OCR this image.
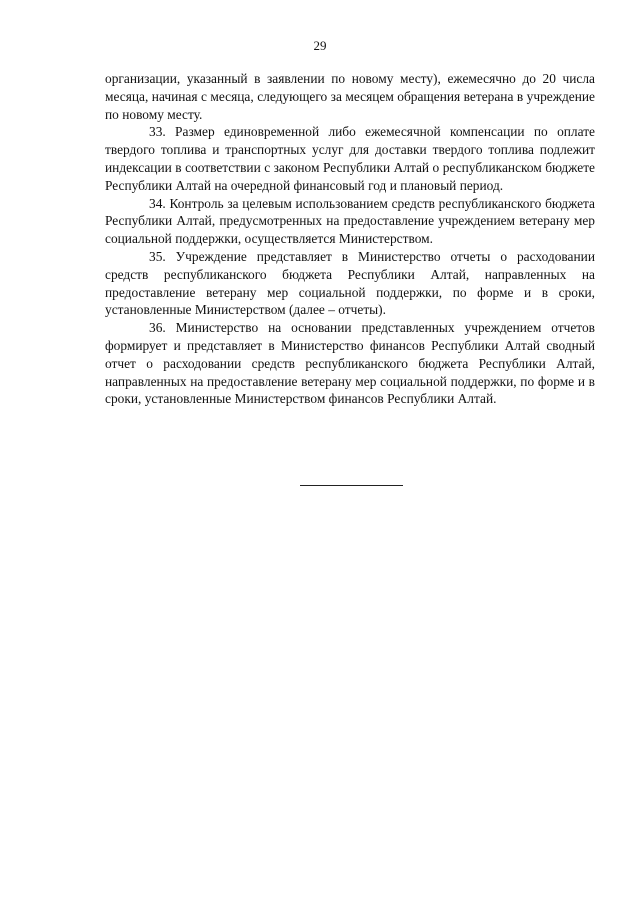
29

организации, указанный в заявлении по новому месту), ежемесячно до 20 числа месяца, начиная с месяца, следующего за месяцем обращения ветерана в учреждение по новому месту.

33. Размер единовременной либо ежемесячной компенсации по оплате твердого топлива и транспортных услуг для доставки твердого топлива подлежит индексации в соответствии с законом Республики Алтай о республиканском бюджете Республики Алтай на очередной финансовый год и плановый период.

34. Контроль за целевым использованием средств республиканского бюджета Республики Алтай, предусмотренных на предоставление учреждением ветерану мер социальной поддержки, осуществляется Министерством.

35. Учреждение представляет в Министерство отчеты о расходовании средств республиканского бюджета Республики Алтай, направленных на предоставление ветерану мер социальной поддержки, по форме и в сроки, установленные Министерством (далее – отчеты).

36. Министерство на основании представленных учреждением отчетов формирует и представляет в Министерство финансов Республики Алтай сводный отчет о расходовании средств республиканского бюджета Республики Алтай, направленных на предоставление ветерану мер социальной поддержки, по форме и в сроки, установленные Министерством финансов Республики Алтай.
